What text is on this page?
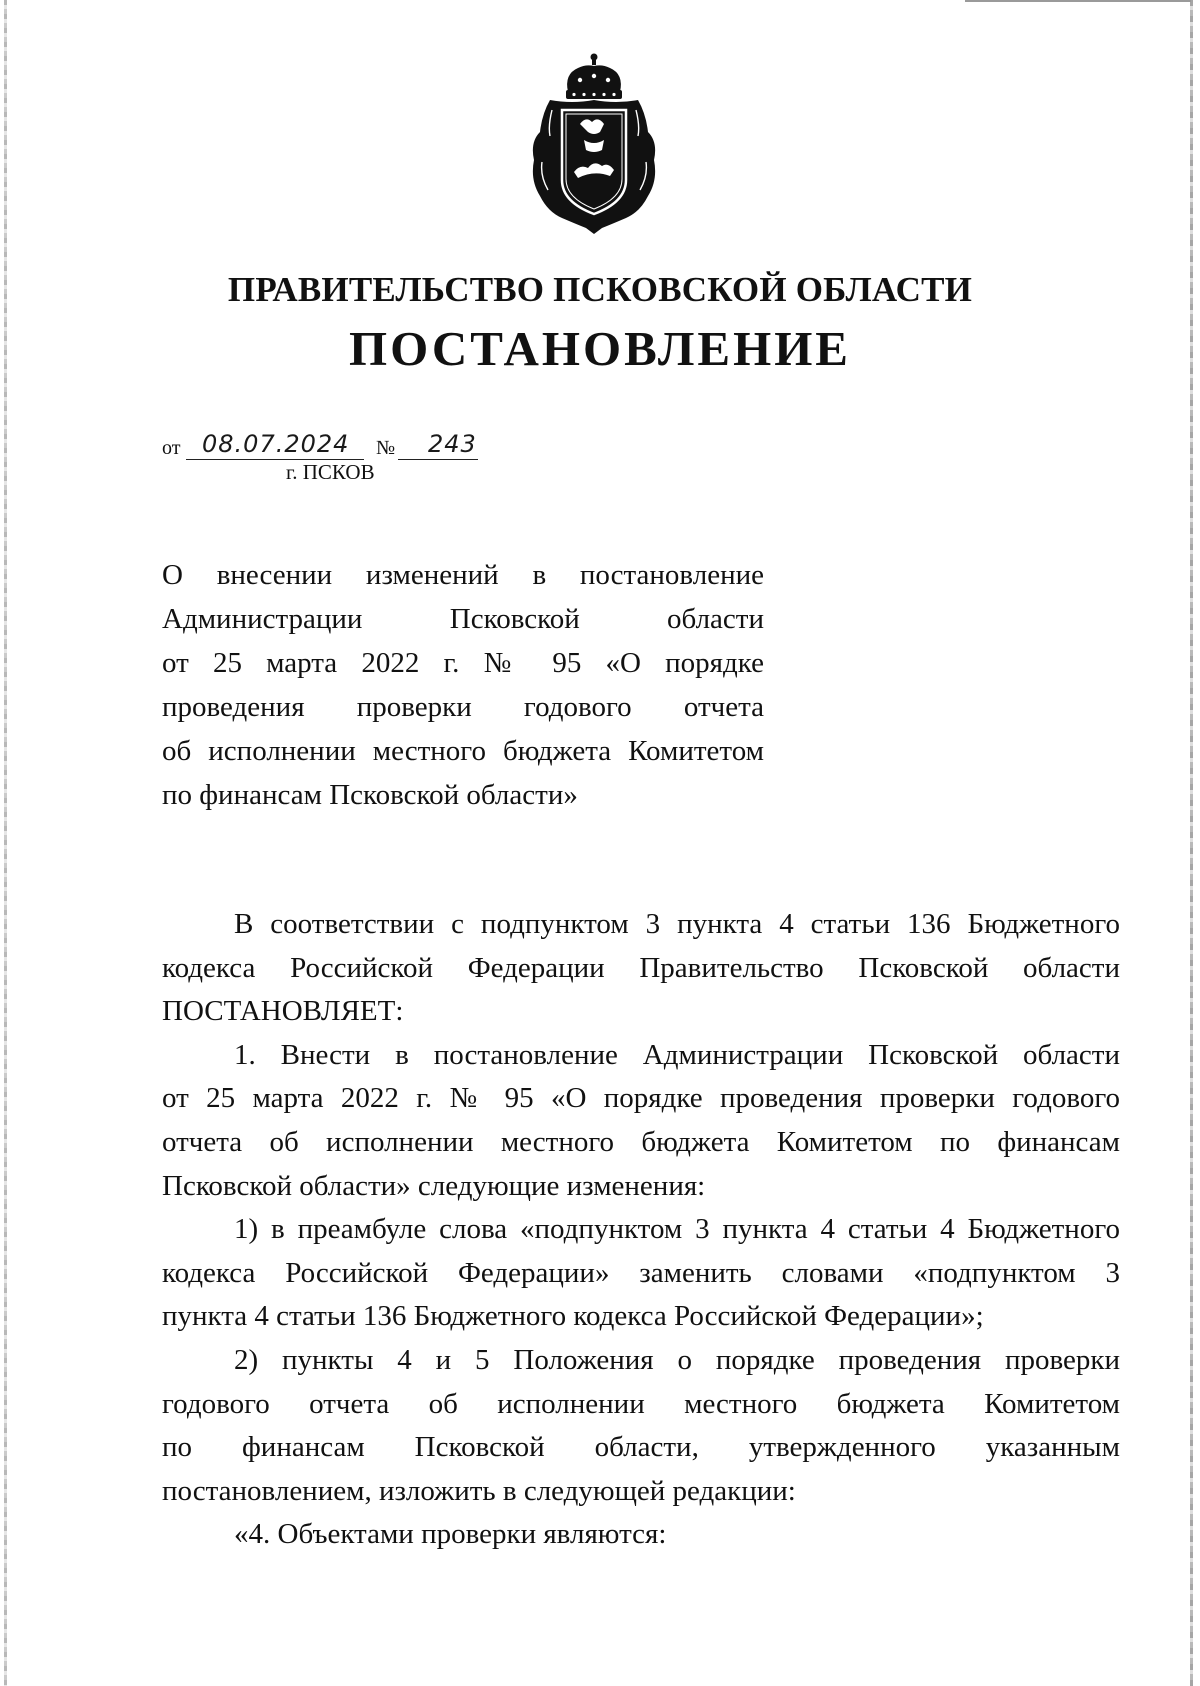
ПРАВИТЕЛЬСТВО ПСКОВСКОЙ ОБЛАСТИ
ПОСТАНОВЛЕНИЕ
от 08.07.2024 № 243
г. ПСКОВ
О внесении изменений в постановление
Администрации Псковской области
от 25 марта 2022 г. № 95 «О порядке
проведения проверки годового отчета
об исполнении местного бюджета Комитетом
по финансам Псковской области»
В соответствии с подпунктом 3 пункта 4 статьи 136 Бюджетного
кодекса Российской Федерации Правительство Псковской области
ПОСТАНОВЛЯЕТ:
1. Внести в постановление Администрации Псковской области
от 25 марта 2022 г. № 95 «О порядке проведения проверки годового
отчета об исполнении местного бюджета Комитетом по финансам
Псковской области» следующие изменения:
1) в преамбуле слова «подпунктом 3 пункта 4 статьи 4 Бюджетного
кодекса Российской Федерации» заменить словами «подпунктом 3
пункта 4 статьи 136 Бюджетного кодекса Российской Федерации»;
2) пункты 4 и 5 Положения о порядке проведения проверки
годового отчета об исполнении местного бюджета Комитетом
по финансам Псковской области, утвержденного указанным
постановлением, изложить в следующей редакции:
«4. Объектами проверки являются:
